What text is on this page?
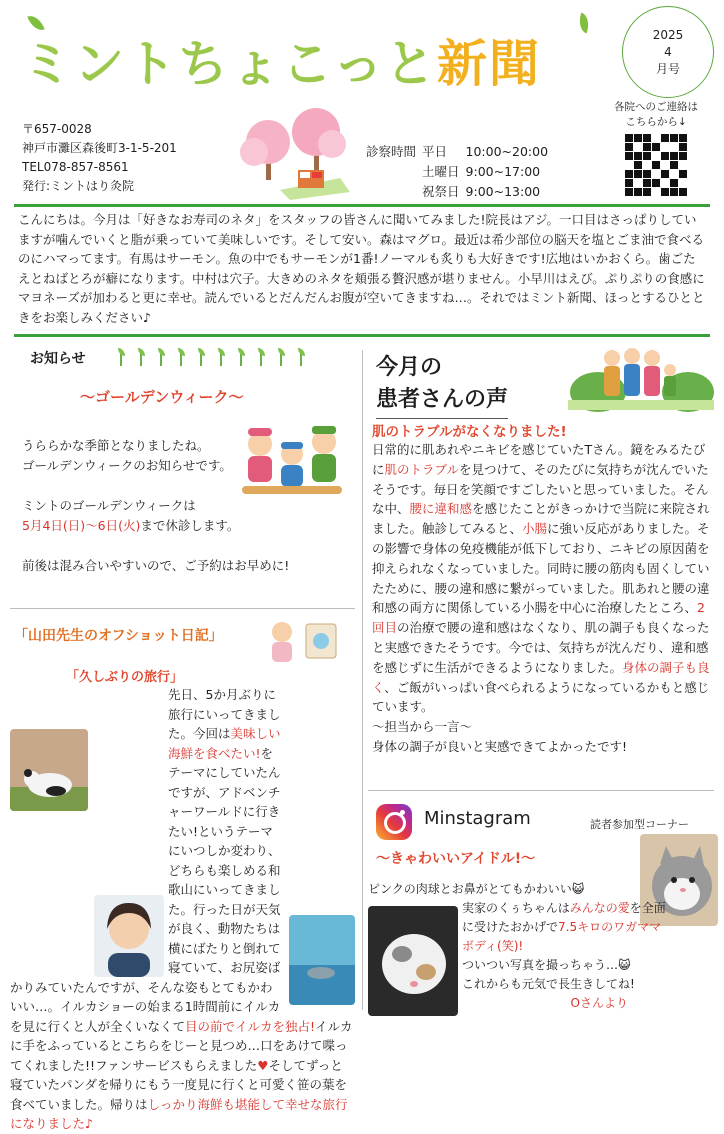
ミントちょこっと新聞	2025
4
月号
〒657-0028
神戸市灘区森後町3-1-5-201
TEL078-857-8561
発行:ミントはり灸院
診察時間	平日	10:00~20:00
	土曜日	9:00~17:00
	祝祭日	9:00~13:00
各院へのご連絡は
こちらから↓
こんにちは。今月は「好きなお寿司のネタ」をスタッフの皆さんに聞いてみました!院長はアジ。一口目はさっぱりしていますが噛んでいくと脂が乗っていて美味しいです。そして安い。森はマグロ。最近は希少部位の脳天を塩とごま油で食べるのにハマってます。有馬はサーモン。魚の中でもサーモンが1番!ノーマルも炙りも大好きです!広地はいかおくら。歯ごたえとねばとろが癖になります。中村は穴子。大きめのネタを頬張る贅沢感が堪りません。小早川はえび。ぷりぷりの食感にマヨネーズが加わると更に幸せ。読んでいるとだんだんお腹が空いてきますね…。それではミント新聞、ほっとするひとときをお楽しみください♪
お知らせ
〜ゴールデンウィーク〜
うららかな季節となりましたね。
ゴールデンウィークのお知らせです。
ミントのゴールデンウィークは
5月4日(日)〜6日(火)まで休診します。
前後は混み合いやすいので、ご予約はお早めに!
「山田先生のオフショット日記」
「久しぶりの旅行」
先日、5か月ぶりに旅行にいってきました。今回は美味しい海鮮を食べたい!をテーマにしていたんですが、アドベンチャーワールドに行きたい!というテーマにいつしか変わり、どちらも楽しめる和歌山にいってきました。行った日が天気が良く、動物たちは横にばたりと倒れて寝ていて、お尻姿ばかりみていたんですが、そんな姿もとてもかわいい…。イルカショーの始まる1時間前にイルカを見に行くと人が全くいなくて目の前でイルカを独占!イルカに手をふっているとこちらをじーと見つめ…口をあけて喋ってくれました!!ファンサービスもらえました♥そしてずっと寝ていたパンダを帰りにもう一度見に行くと可愛く笹の葉を食べていました。帰りはしっかり海鮮も堪能して幸せな旅行になりました♪
今月の
患者さんの声
肌のトラブルがなくなりました!
日常的に肌あれやニキビを感じていたTさん。鏡をみるたびに肌のトラブルを見つけて、そのたびに気持ちが沈んでいたそうです。毎日を笑顔ですごしたいと思っていました。そんな中、腰に違和感を感じたことがきっかけで当院に来院されました。触診してみると、小腸に強い反応がありました。その影響で身体の免疫機能が低下しており、ニキビの原因菌を抑えられなくなっていました。同時に腰の筋肉も固くしていたために、腰の違和感に繋がっていました。肌あれと腰の違和感の両方に関係している小腸を中心に治療したところ、2回目の治療で腰の違和感はなくなり、肌の調子も良くなったと実感できたそうです。今では、気持ちが沈んだり、違和感を感じずに生活ができるようになりました。身体の調子も良く、ご飯がいっぱい食べられるようになっているかもと感じています。
〜担当から一言〜
身体の調子が良いと実感できてよかったです!
Minstagram	読者参加型コーナー
〜きゃわいいアイドル!〜
ピンクの肉球とお鼻がとてもかわいい😺
実家のくぅちゃんはみんなの愛を全面に受けたおかげで7.5キロのワガママボディ(笑)!
ついつい写真を撮っちゃう…😺
これからも元気で長生きしてね!
Oさんより
